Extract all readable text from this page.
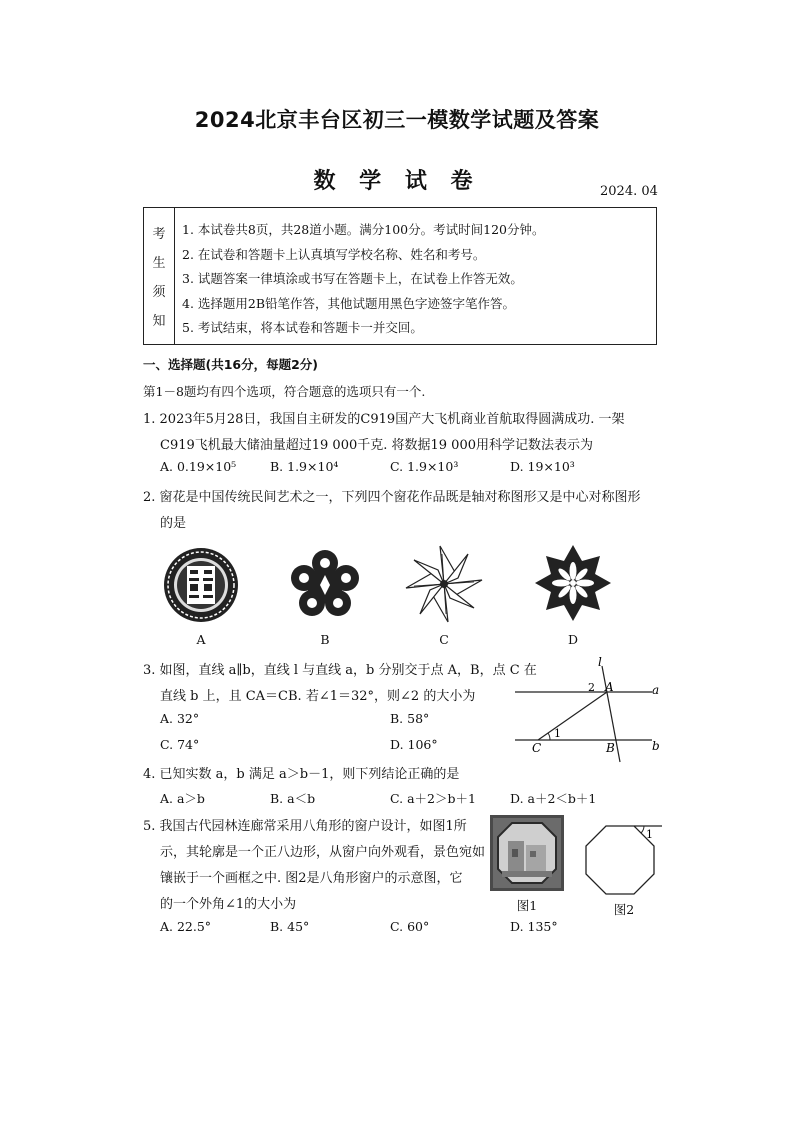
2024北京丰台区初三一模数学试题及答案
数 学 试 卷	2024. 04
考
生
须
知
1. 本试卷共8页，共28道小题。满分100分。考试时间120分钟。
2. 在试卷和答题卡上认真填写学校名称、姓名和考号。
3. 试题答案一律填涂或书写在答题卡上，在试卷上作答无效。
4. 选择题用2B铅笔作答，其他试题用黑色字迹签字笔作答。
5. 考试结束，将本试卷和答题卡一并交回。
一、选择题(共16分，每题2分)
第1－8题均有四个选项，符合题意的选项只有一个.
1. 2023年5月28日，我国自主研发的C919国产大飞机商业首航取得圆满成功. 一架
C919飞机最大储油量超过19 000千克. 将数据19 000用科学记数法表示为
A. 0.19×10⁵	B. 1.9×10⁴	C. 1.9×10³	D. 19×10³
2. 窗花是中国传统民间艺术之一，下列四个窗花作品既是轴对称图形又是中心对称图形
的是
A	B	C	D
3. 如图，直线 a∥b，直线 l 与直线 a，b 分别交于点 A，B，点 C 在
直线 b 上，且 CA＝CB. 若∠1＝32°，则∠2 的大小为
A. 32°	B. 58°
C. 74°	D. 106°
l
a
b
A
B
C
1
2
4. 已知实数 a，b 满足 a＞b－1，则下列结论正确的是
A. a＞b	B. a＜b	C. a＋2＞b＋1	D. a＋2＜b＋1
5. 我国古代园林连廊常采用八角形的窗户设计，如图1所
示，其轮廓是一个正八边形，从窗户向外观看，景色宛如
镶嵌于一个画框之中. 图2是八角形窗户的示意图，它
的一个外角∠1的大小为
A. 22.5°	B. 45°	C. 60°	D. 135°
图1
1
图2
